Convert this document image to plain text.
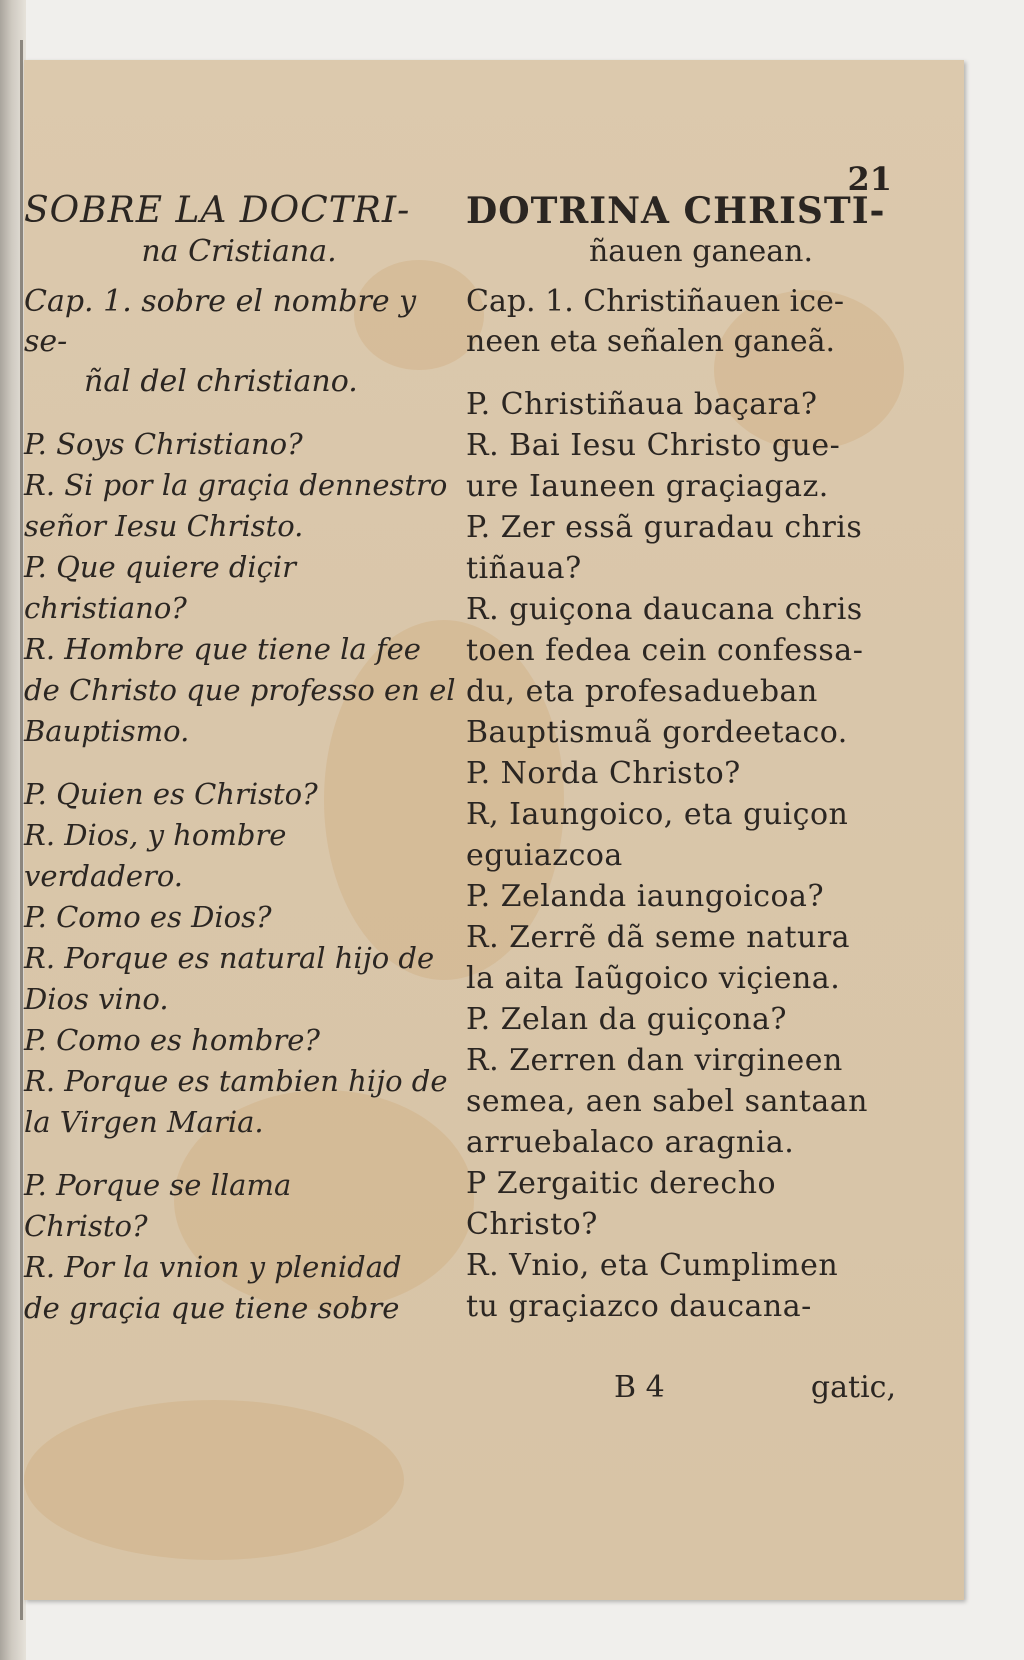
21
SOBRE LA DOCTRI-
na Cristiana.
Cap. 1. sobre el nombre y se-
ñal del christiano.
P. Soys Christiano?
R. Si por la graçia dennestro
señor Iesu Christo.
P. Que quiere diçir
christiano?
R. Hombre que tiene la fee
de Christo que professo en el
Bauptismo.
P. Quien es Christo?
R. Dios, y hombre
verdadero.
P. Como es Dios?
R. Porque es natural hijo de
Dios vino.
P. Como es hombre?
R. Porque es tambien hijo de
la Virgen Maria.
P. Porque se llama
Christo?
R. Por la vnion y plenidad
de graçia que tiene sobre
DOTRINA CHRISTI-
ñauen ganean.
Cap. 1. Christiñauen ice-
neen eta señalen ganeã.
P. Christiñaua baçara?
R. Bai Iesu Christo gue-
ure Iauneen graçiagaz.
P. Zer essã guradau chris
tiñaua?
R. guiçona daucana chris
toen fedea cein confessa-
du, eta profesadueban
Bauptismuã gordeetaco.
P. Norda Christo?
R, Iaungoico, eta guiçon
eguiazcoa
P. Zelanda iaungoicoa?
R. Zerrẽ dã seme natura
la aita Iaũgoico viçiena.
P. Zelan da guiçona?
R. Zerren dan virgineen
semea, aen sabel santaan
arruebalaco aragnia.
P Zergaitic derecho
Christo?
R. Vnio, eta Cumplimen
tu graçiazco daucana-
B 4	gatic,
